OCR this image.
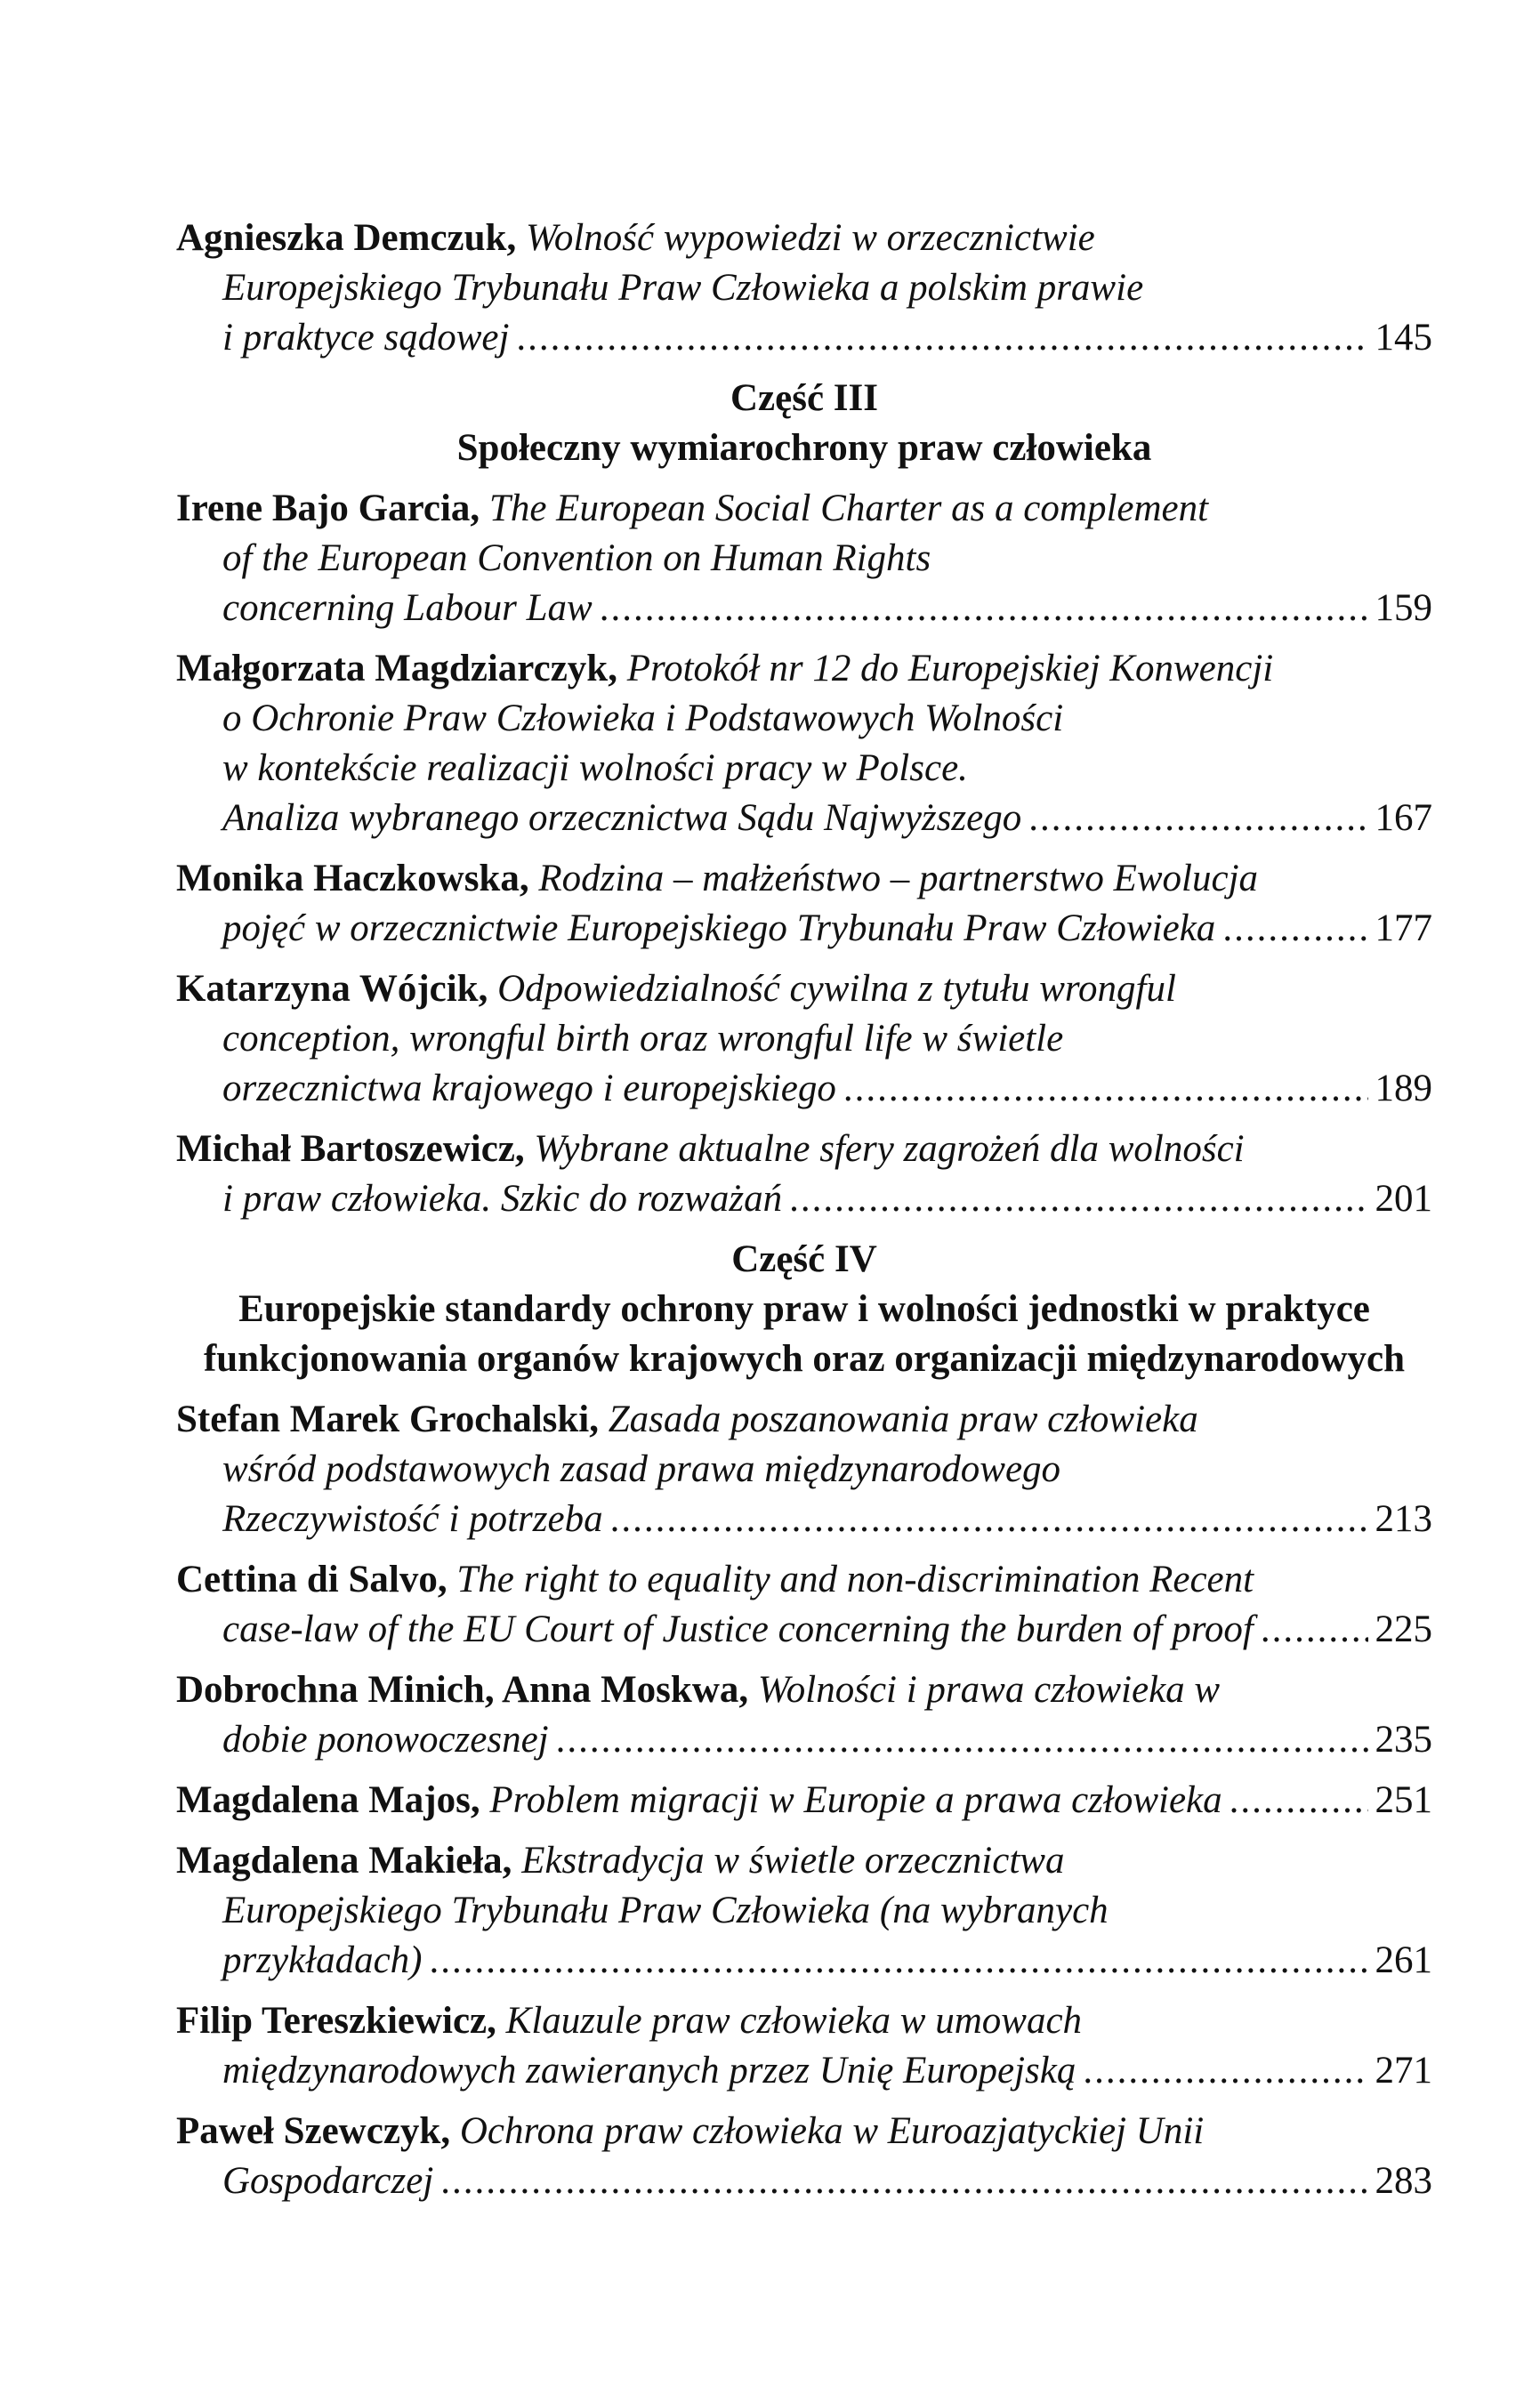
Agnieszka Demczuk,
Wolność wypowiedzi w orzecznictwie
Europejskiego Trybunału Praw Człowieka a polskim prawie
i praktyce sądowej .....	145
Część III
Społeczny wymiarochrony praw człowieka
Irene Bajo Garcia,
The European Social Charter as a complement
of the European Convention on Human Rights
concerning Labour Law .....	159
Małgorzata Magdziarczyk,
Protokół nr 12 do Europejskiej Konwencji
o Ochronie Praw Człowieka i Podstawowych Wolności
w kontekście realizacji wolności pracy w Polsce.
Analiza wybranego orzecznictwa Sądu Najwyższego .....	167
Monika Haczkowska,
Rodzina – małżeństwo – partnerstwo Ewolucja
pojęć w orzecznictwie Europejskiego Trybunału Praw Człowieka .....	177
Katarzyna Wójcik,
Odpowiedzialność cywilna z tytułu wrongful
conception, wrongful birth oraz wrongful life w świetle
orzecznictwa krajowego i europejskiego .....	189
Michał Bartoszewicz,
Wybrane aktualne sfery zagrożeń dla wolności
i praw człowieka. Szkic do rozważań .....	201
Część IV
Europejskie standardy ochrony praw i wolności jednostki w praktyce
funkcjonowania organów krajowych oraz organizacji międzynarodowych
Stefan Marek Grochalski,
Zasada poszanowania praw człowieka
wśród podstawowych zasad prawa międzynarodowego
Rzeczywistość i potrzeba .....	213
Cettina di Salvo,
The right to equality and non-discrimination Recent
case-law of the EU Court of Justice concerning the burden of proof .....	225
Dobrochna Minich, Anna Moskwa,
Wolności i prawa człowieka w
dobie ponowoczesnej .....	235
Magdalena Majos,
Problem migracji w Europie a prawa człowieka .....	251
Magdalena Makieła,
Ekstradycja w świetle orzecznictwa
Europejskiego Trybunału Praw Człowieka (na wybranych
przykładach) .....	261
Filip Tereszkiewicz,
Klauzule praw człowieka w umowach
międzynarodowych zawieranych przez Unię Europejską .....	271
Paweł Szewczyk,
Ochrona praw człowieka w Euroazjatyckiej Unii
Gospodarczej .....	283
